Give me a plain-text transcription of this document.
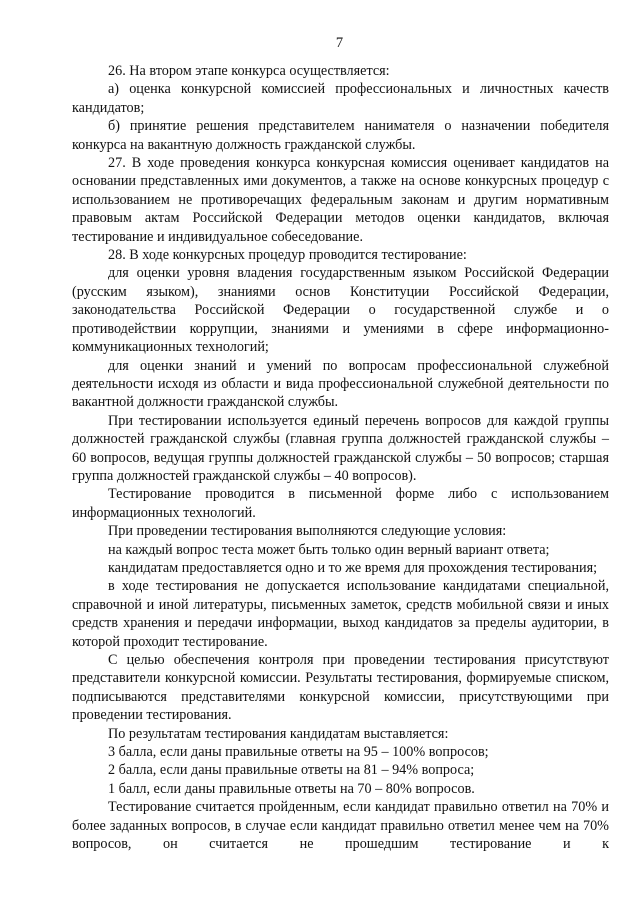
7

26. На втором этапе конкурса осуществляется:

а) оценка конкурсной комиссией профессиональных и личностных качеств кандидатов;

б) принятие решения представителем нанимателя о назначении победителя конкурса на вакантную должность гражданской службы.

27. В ходе проведения конкурса конкурсная комиссия оценивает кандидатов на основании представленных ими документов, а также на основе конкурсных процедур с использованием не противоречащих федеральным законам и другим нормативным правовым актам Российской Федерации методов оценки кандидатов, включая тестирование и индивидуальное собеседование.

28. В ходе конкурсных процедур проводится тестирование:

для оценки уровня владения государственным языком Российской Федерации (русским языком), знаниями основ Конституции Российской Федерации, законодательства Российской Федерации о государственной службе и о противодействии коррупции, знаниями и умениями в сфере информационно-коммуникационных технологий;

для оценки знаний и умений по вопросам профессиональной служебной деятельности исходя из области и вида профессиональной служебной деятельности по вакантной должности гражданской службы.

При тестировании используется единый перечень вопросов для каждой группы должностей гражданской службы (главная группа должностей гражданской службы – 60 вопросов, ведущая группы должностей гражданской службы – 50 вопросов; старшая группа должностей гражданской службы – 40 вопросов).

Тестирование проводится в письменной форме либо с использованием информационных технологий.

При проведении тестирования выполняются следующие условия:

на каждый вопрос теста может быть только один верный вариант ответа;

кандидатам предоставляется одно и то же время для прохождения тестирования;

в ходе тестирования не допускается использование кандидатами специальной, справочной и иной литературы, письменных заметок, средств мобильной связи и иных средств хранения и передачи информации, выход кандидатов за пределы аудитории, в которой проходит тестирование.

С целью обеспечения контроля при проведении тестирования присутствуют представители конкурсной комиссии. Результаты тестирования, формируемые списком, подписываются представителями конкурсной комиссии, присутствующими при проведении тестирования.

По результатам тестирования кандидатам выставляется:

3 балла, если даны правильные ответы на 95 – 100% вопросов;

2 балла, если даны правильные ответы на 81 – 94% вопроса;

1 балл, если даны правильные ответы на 70 – 80% вопросов.

Тестирование считается пройденным, если кандидат правильно ответил на 70% и более заданных вопросов, в случае если кандидат правильно ответил менее чем на 70% вопросов, он считается не прошедшим тестирование и к
